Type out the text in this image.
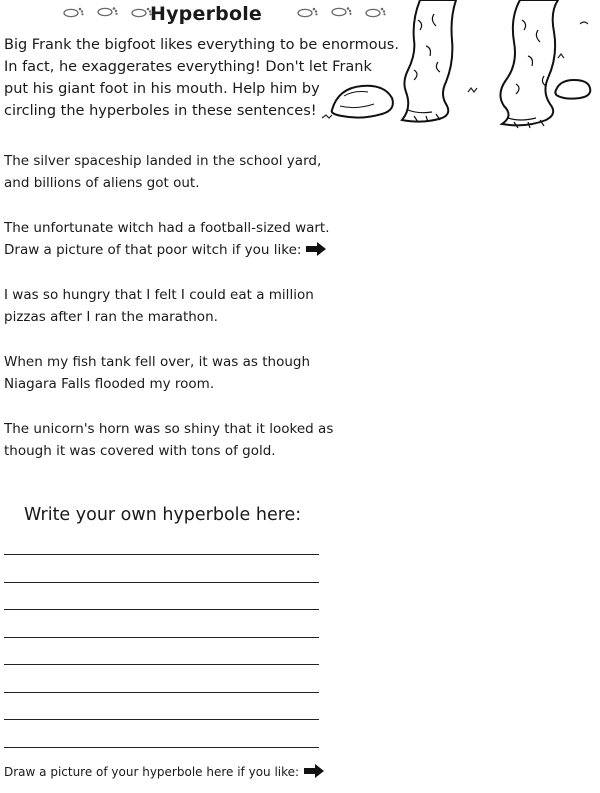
Hyperbole
Big Frank the bigfoot likes everything to be enormous.
In fact, he exaggerates everything! Don't let Frank
put his giant foot in his mouth. Help him by
circling the hyperboles in these sentences!
The silver spaceship landed in the school yard,
and billions of aliens got out.
The unfortunate witch had a football-sized wart.
Draw a picture of that poor witch if you like:
I was so hungry that I felt I could eat a million
pizzas after I ran the marathon.
When my fish tank fell over, it was as though
Niagara Falls flooded my room.
The unicorn's horn was so shiny that it looked as
though it was covered with tons of gold.
Write your own hyperbole here:
Draw a picture of your hyperbole here if you like:
